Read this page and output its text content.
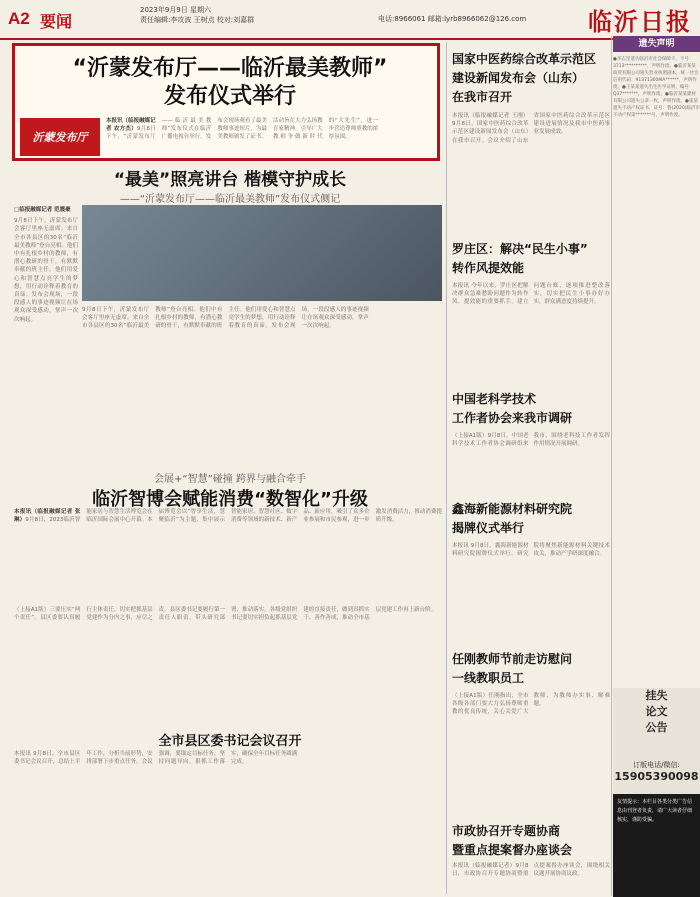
A2 要闻
2023年9月9日 星期六
责任编辑:李攻波 王树点 校对:刘嘉群	电话:8966061 邮箱:lyrb8966062@126.com	临沂日报
“沂蒙发布厅——临沂最美教师”
发布仪式举行
沂蒙发布厅
本报讯（临报融媒记者 农方杰）9月8日下午，“沂蒙发布厅——临沂最美教师”发布仪式在临沂广播电视台举行。发布会现场观看了最美教师事迹短片，为最美教师颁发了证书。活动旨在大力弘扬教育家精神，引导广大教师争做新时代的“大先生”，进一步营造尊师重教的浓厚氛围。
“最美”照亮讲台 楷模守护成长
——“沂蒙发布厅——临沂最美教师”发布仪式侧记
□临报融媒记者 范震豪
9月8日下午，沂蒙发布厅会客厅里座无虚席。来自全市各县区的30名“临沂最美教师”登台亮相。他们中有扎根乡村的教师，有潜心教研的骨干，有默默奉献的班主任。他们用爱心和智慧点亮学生的梦想，用行动诠释着教育的真谛。发布会现场，一段段感人的事迹视频让在场观众深受感动，掌声一次次响起。
9月8日下午，沂蒙发布厅会客厅里座无虚席。来自全市各县区的30名“临沂最美教师”登台亮相。他们中有扎根乡村的教师，有潜心教研的骨干，有默默奉献的班主任。他们用爱心和智慧点亮学生的梦想，用行动诠释着教育的真谛。发布会现场，一段段感人的事迹视频让在场观众深受感动，掌声一次次响起。
会展+“智慧”碰撞 跨界与融合牵手
临沂智博会赋能消费“数智化”升级
本报讯（临报融媒记者 张琳）9月8日，2023临沂智能家居与智慧生活博览会在临沂国际会展中心开幕。本届博览会以“智享生活，慧聚临沂”为主题，集中展示智能家居、智慧社区、数字消费等领域的新技术、新产品、新应用，吸引了众多企业参展和市民参观，进一步激发消费活力，推动消费提质升级。
（上接A1版）三要压实“两个责任”。县区委要认真履行主体责任，切实把抓基层党建作为分内之事、应尽之责。县区委书记要履行第一责任人职责，带头研究部署、推动落实。各级党组织书记要切实担负起抓基层党建的直接责任，做到真抓实干、善作善成，推动全市基层党建工作再上新台阶。
全市县区委书记会议召开
本报讯 9月8日，全市县区委书记会议召开，总结上半年工作，分析当前形势，安排部署下步重点任务。会议强调，要锚定目标任务，坚持问题导向，狠抓工作落实，确保全年目标任务圆满完成。
国家中医药综合改革示范区
建设新闻发布会（山东）
在我市召开
本报讯（临报融媒记者 王刚）9月8日，国家中医药综合改革示范区建设新闻发布会（山东）在我市召开。会议介绍了山东省国家中医药综合改革示范区建设进展情况及我市中医药事业发展成效。
罗庄区：解决“民生小事”
转作风提效能
本报讯 今年以来，罗庄区把解决群众急难愁盼问题作为转作风、提效能的重要抓手，建立问题台账，逐项推进整改落实，切实把民生小事办好办实，群众满意度持续提升。
中国老科学技术
工作者协会来我市调研
（上接A1版）9月8日，中国老科学技术工作者协会调研组来我市，围绕老科技工作者发挥作用情况开展调研。
鑫海新能源材料研究院
揭牌仪式举行
本报讯 9月8日，鑫海新能源材料研究院揭牌仪式举行。研究院将聚焦新能源材料关键技术攻关，推动产学研深度融合。
任刚教师节前走访慰问
一线教职员工
（上接A1版）任刚指出，全市各级各部门要大力弘扬尊师重教的优良传统，关心关爱广大教师，为教师办实事、解难题。
市政协召开专题协商
暨重点提案督办座谈会
本报讯（临报融媒记者）9月8日，市政协召开专题协商暨重点提案督办座谈会，围绕相关议题开展协商议政。
遗失声明
●李志坚遗失临沂市社会保障卡，卡号：3713**********，声明作废。●临沂某某商贸有限公司遗失营业执照副本，统一社会信用代码：91371300MA******，声明作废。●王某某遗失出生医学证明，编号：Q37*******，声明作废。●临沂某某建材有限公司遗失公章一枚，声明作废。●张某遗失不动产权证书，证号：鲁(2020)临沂市不动产权第*******号，声明作废。
挂失
论文
公告
订版电话/微信:
15905390098
友情提示：本栏目各类分类广告信息由刊登者负责，请广大读者仔细核实，谨防受骗。
